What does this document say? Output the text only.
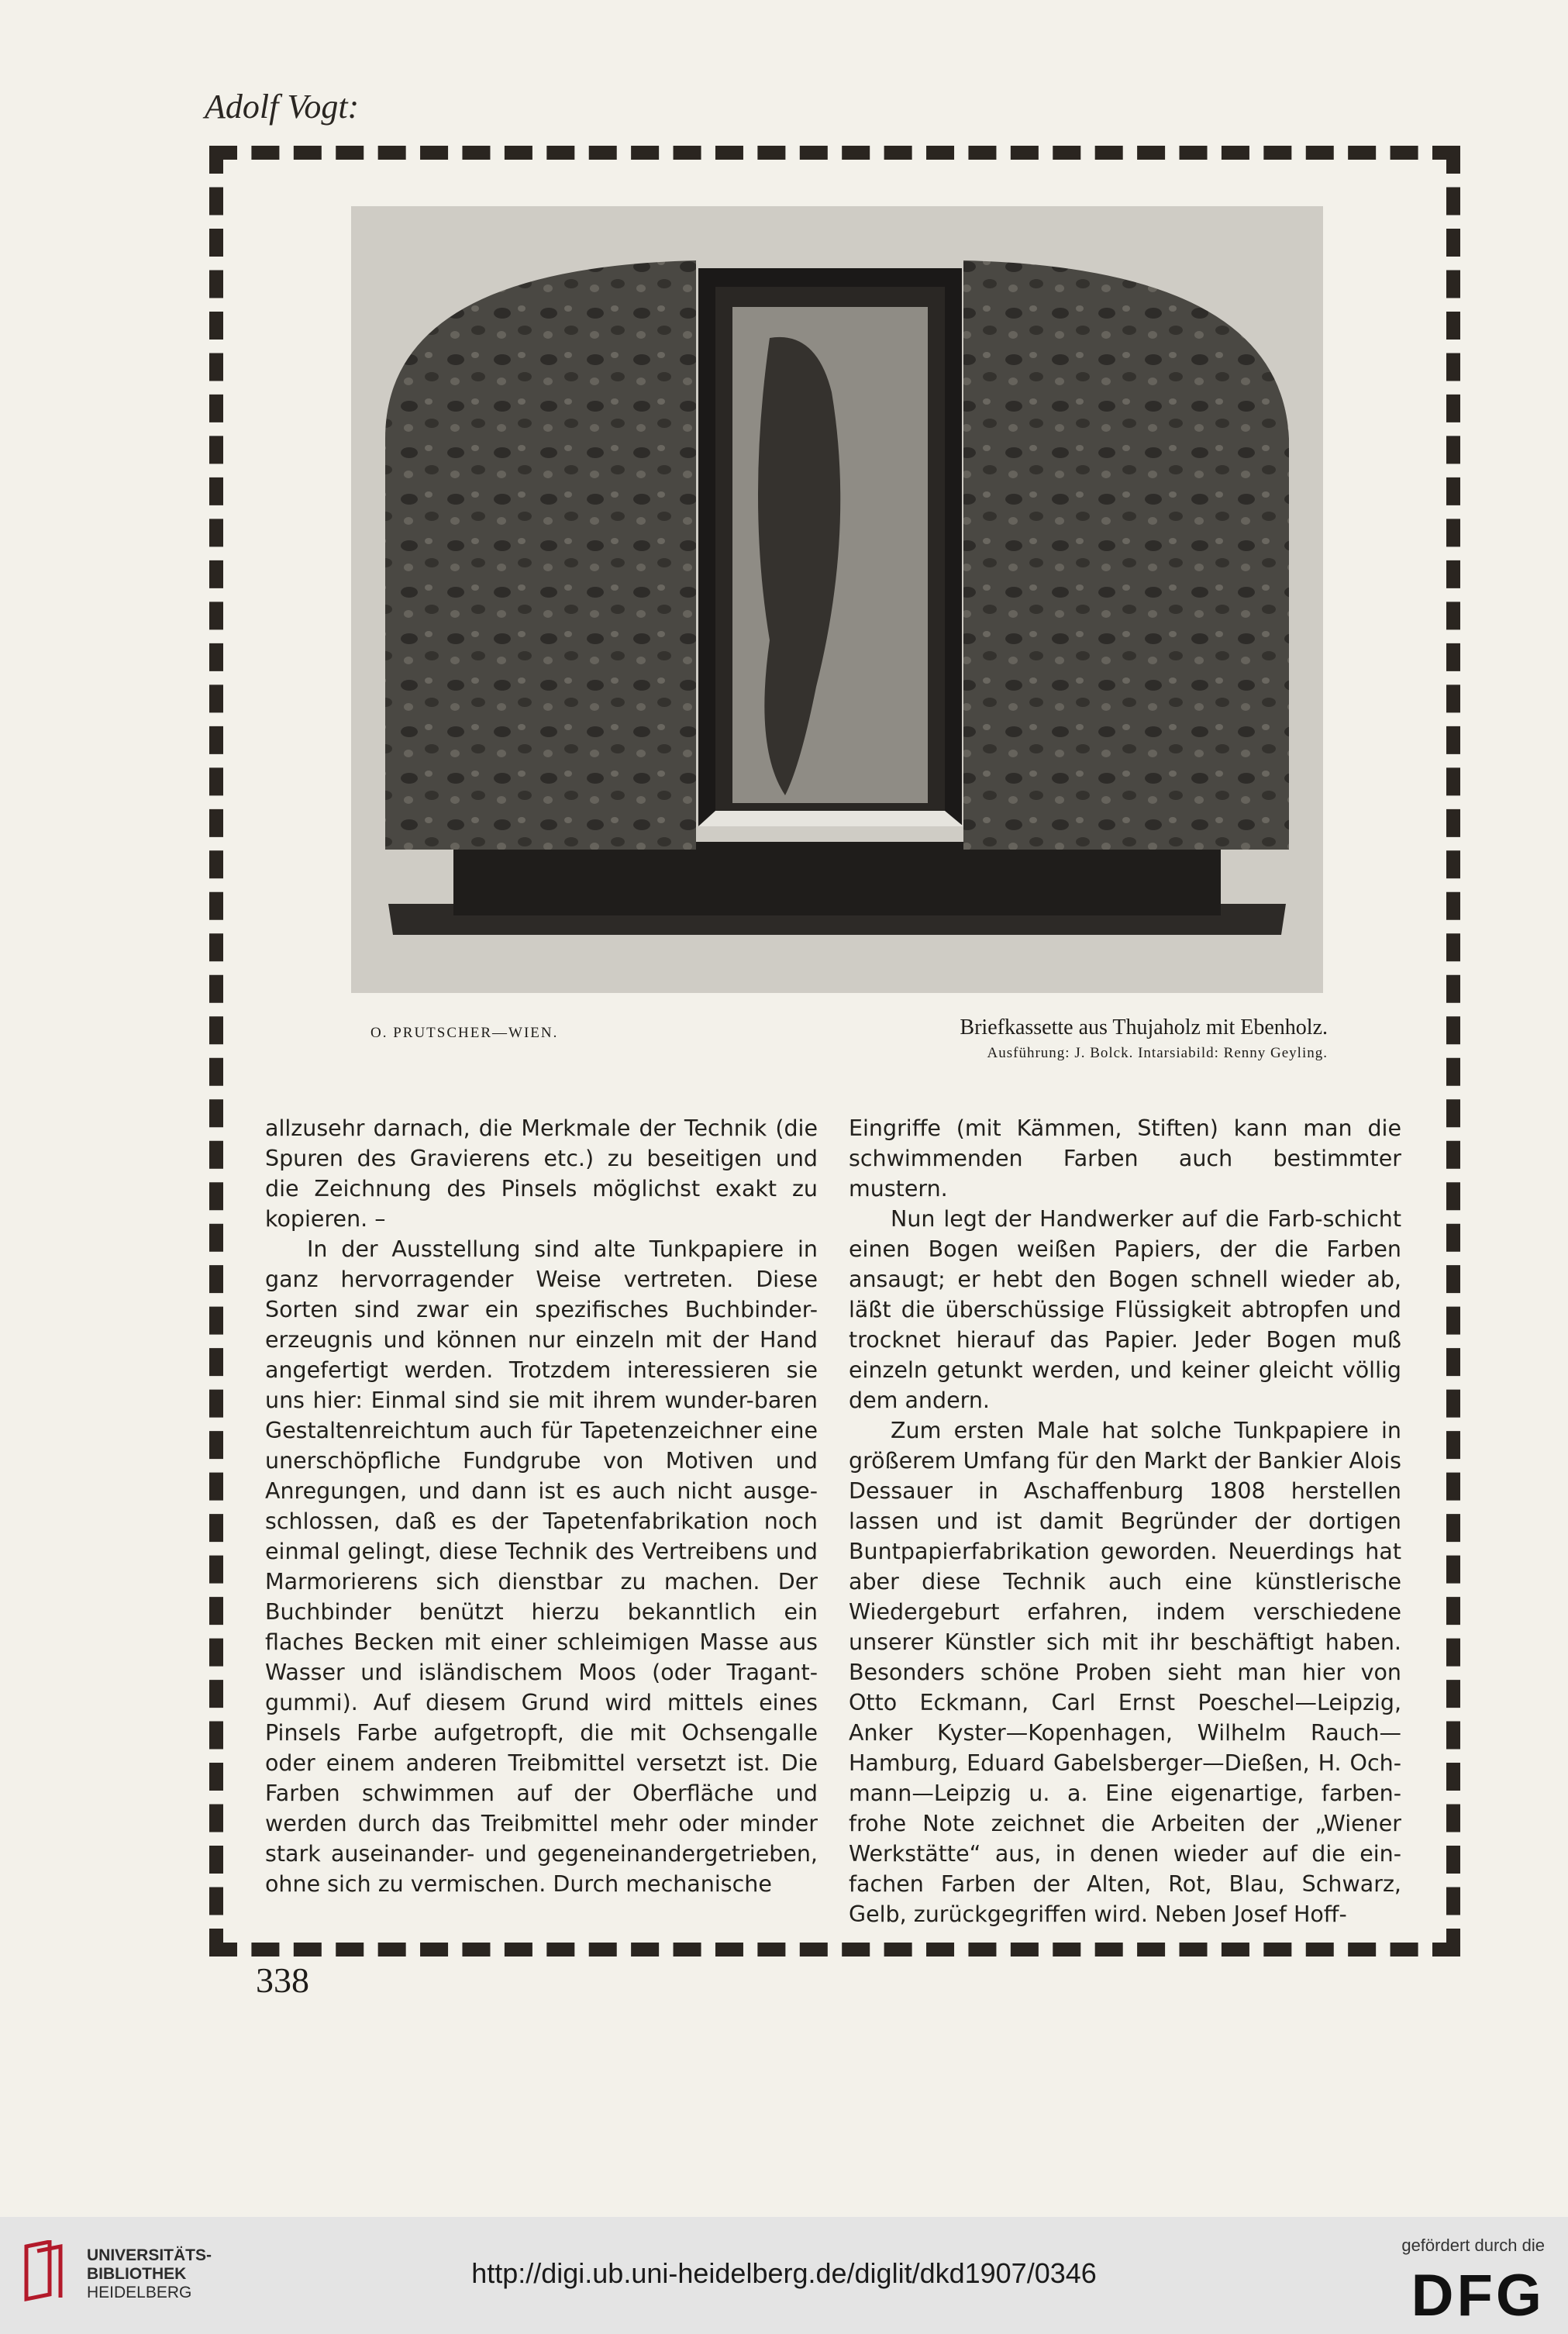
Adolf Vogt:
O. PRUTSCHER—WIEN.	Briefkassette aus Thujaholz mit Ebenholz.
Ausführung: J. Bolck. Intarsiabild: Renny Geyling.

allzusehr darnach, die Merkmale der Technik (die Spuren des Gravierens etc.) zu beseitigen und die Zeichnung des Pinsels möglichst exakt zu kopieren. –

In der Ausstellung sind alte Tunkpapiere in ganz hervorragender Weise vertreten. Diese Sorten sind zwar ein spezifisches Buchbinder-erzeugnis und können nur einzeln mit der Hand angefertigt werden. Trotzdem interessieren sie uns hier: Einmal sind sie mit ihrem wunder-baren Gestaltenreichtum auch für Tapetenzeichner eine unerschöpfliche Fundgrube von Motiven und Anregungen, und dann ist es auch nicht ausge-schlossen, daß es der Tapetenfabrikation noch einmal gelingt, diese Technik des Vertreibens und Marmorierens sich dienstbar zu machen. Der Buchbinder benützt hierzu bekanntlich ein flaches Becken mit einer schleimigen Masse aus Wasser und isländischem Moos (oder Tragant-gummi). Auf diesem Grund wird mittels eines Pinsels Farbe aufgetropft, die mit Ochsengalle oder einem anderen Treibmittel versetzt ist. Die Farben schwimmen auf der Oberfläche und werden durch das Treibmittel mehr oder minder stark auseinander- und gegeneinandergetrieben, ohne sich zu vermischen. Durch mechanische

Eingriffe (mit Kämmen, Stiften) kann man die schwimmenden Farben auch bestimmter mustern.

Nun legt der Handwerker auf die Farb-schicht einen Bogen weißen Papiers, der die Farben ansaugt; er hebt den Bogen schnell wieder ab, läßt die überschüssige Flüssigkeit abtropfen und trocknet hierauf das Papier. Jeder Bogen muß einzeln getunkt werden, und keiner gleicht völlig dem andern.

Zum ersten Male hat solche Tunkpapiere in größerem Umfang für den Markt der Bankier Alois Dessauer in Aschaffenburg 1808 herstellen lassen und ist damit Begründer der dortigen Buntpapierfabrikation geworden. Neuerdings hat aber diese Technik auch eine künstlerische Wiedergeburt erfahren, indem verschiedene unserer Künstler sich mit ihr beschäftigt haben. Besonders schöne Proben sieht man hier von Otto Eckmann, Carl Ernst Poeschel—Leipzig, Anker Kyster—Kopenhagen, Wilhelm Rauch—Hamburg, Eduard Gabelsberger—Dießen, H. Och-mann—Leipzig u. a. Eine eigenartige, farben-frohe Note zeichnet die Arbeiten der „Wiener Werkstätte“ aus, in denen wieder auf die ein-fachen Farben der Alten, Rot, Blau, Schwarz, Gelb, zurückgegriffen wird. Neben Josef Hoff-

338
UNIVERSITÄTS-
BIBLIOTHEK
HEIDELBERG
http://digi.ub.uni-heidelberg.de/diglit/dkd1907/0346
gefördert durch die
DFG
